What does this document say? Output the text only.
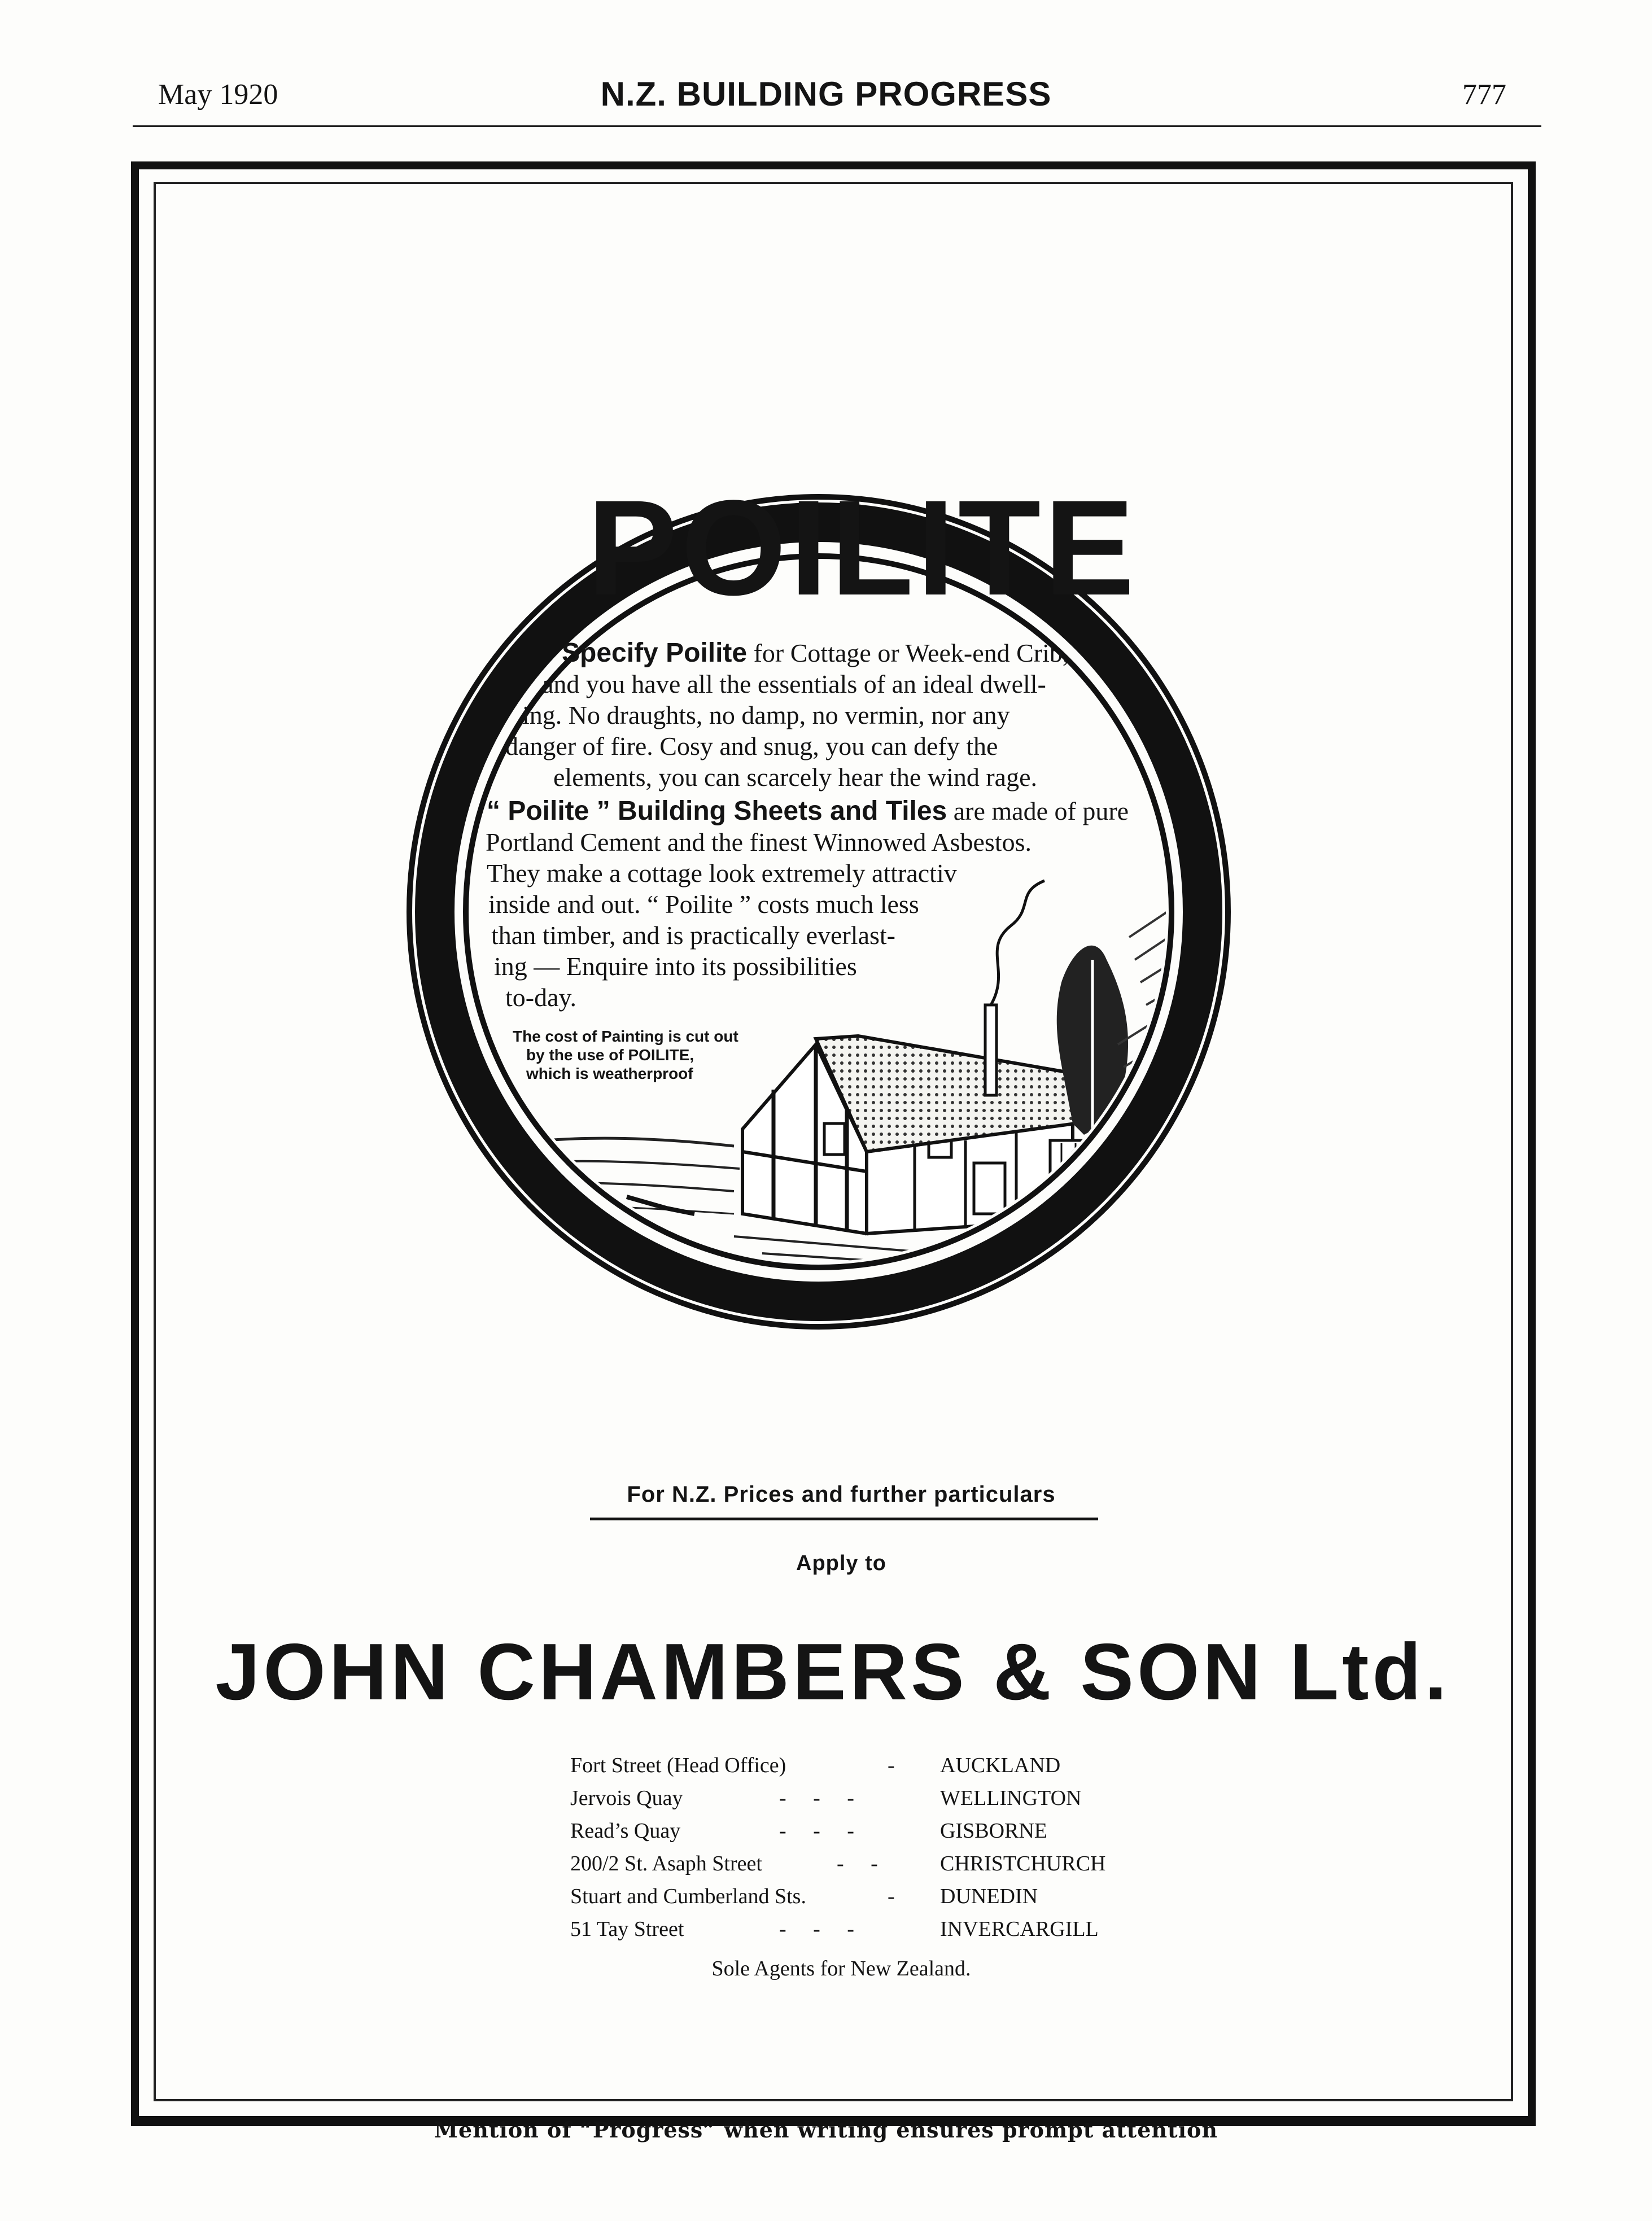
May 1920	N.Z. BUILDING PROGRESS	777
POILITE
Specify Poilite for Cottage or Week-end Crib,
and you have all the essentials of an ideal dwell-
ing. No draughts, no damp, no vermin, nor any
danger of fire. Cosy and snug, you can defy the
elements, you can scarcely hear the wind rage.
“ Poilite ” Building Sheets and Tiles are made of pure
Portland Cement and the finest Winnowed Asbestos.
They make a cottage look extremely attractiv
inside and out. “ Poilite ” costs much less
than timber, and is practically everlast-
ing — Enquire into its possibilities
to-day.
The cost of Painting is cut out
by the use of POILITE,
which is weatherproof
For N.Z. Prices and further particulars
Apply to
JOHN CHAMBERS & SON Ltd.
Fort Street (Head Office)	- AUCKLAND
Jervois Quay	- - -	WELLINGTON
Read’s Quay	- - -	GISBORNE
200/2 St. Asaph Street	- -	CHRISTCHURCH
Stuart and Cumberland Sts.	- DUNEDIN
51 Tay Street	- - -	INVERCARGILL
Sole Agents for New Zealand.
Mention of “Progress” when writing ensures prompt attention
